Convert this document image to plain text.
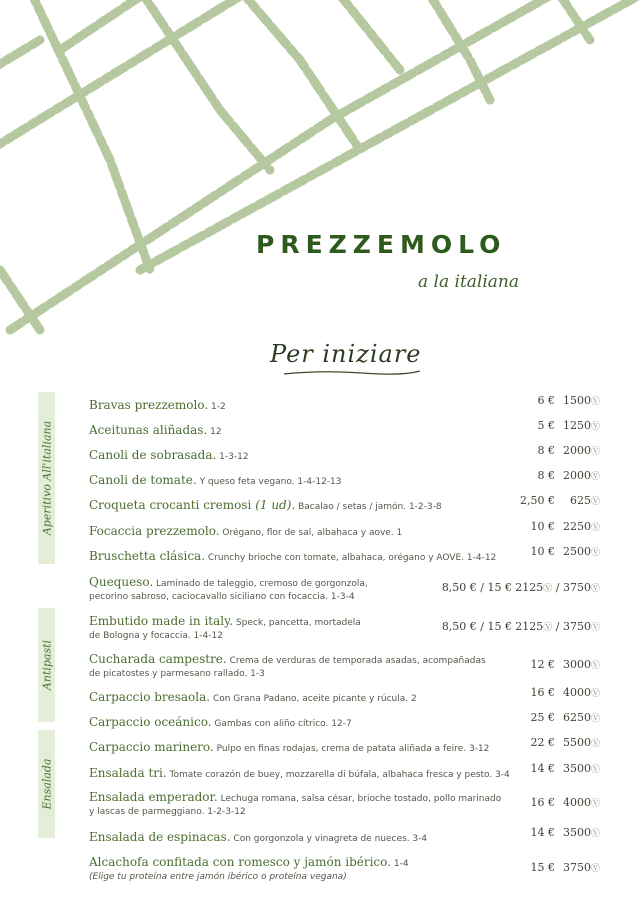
PREZZEMOLO
a la italiana
Per iniziare
Aperitivo All'italiana
Antipasti
Ensalada
Bravas prezzemolo. 1-2	6 € 1500Ⓥ
Aceitunas aliñadas. 12	5 € 1250Ⓥ
Canoli de sobrasada. 1-3-12	8 € 2000Ⓥ
Canoli de tomate. Y queso feta vegano. 1-4-12-13	8 € 2000Ⓥ
Croqueta crocanti cremosi (1 ud). Bacalao / setas / jamón. 1-2-3-8	2,50 € 625Ⓥ
Focaccia prezzemolo. Orégano, flor de sal, albahaca y aove. 1	10 € 2250Ⓥ
Bruschetta clásica. Crunchy brioche con tomate, albahaca, orégano y AOVE. 1-4-12	10 € 2500Ⓥ
Quequeso. Laminado de taleggio, cremoso de gorgonzola,
pecorino sabroso, caciocavallo siciliano con focaccia. 1-3-4
8,50 € / 15 € 2125Ⓥ / 3750Ⓥ
Embutido made in italy. Speck, pancetta, mortadela
de Bologna y focaccia. 1-4-12
8,50 € / 15 € 2125Ⓥ / 3750Ⓥ
Cucharada campestre. Crema de verduras de temporada asadas, acompañadas
de picatostes y parmesano rallado. 1-3
12 € 3000Ⓥ
Carpaccio bresaola. Con Grana Padano, aceite picante y rúcula. 2	16 € 4000Ⓥ
Carpaccio oceánico. Gambas con aliño cítrico. 12-7	25 € 6250Ⓥ
Carpaccio marinero. Pulpo en finas rodajas, crema de patata aliñada a feire. 3-12	22 € 5500Ⓥ
Ensalada tri. Tomate corazón de buey, mozzarella di búfala, albahaca fresca y pesto. 3-4	14 € 3500Ⓥ
Ensalada emperador. Lechuga romana, salsa césar, brioche tostado, pollo marinado
y lascas de parmeggiano. 1-2-3-12
16 € 4000Ⓥ
Ensalada de espinacas. Con gorgonzola y vinagreta de nueces. 3-4	14 € 3500Ⓥ
Alcachofa confitada con romesco y jamón ibérico. 1-4
(Elige tu proteína entre jamón ibérico o proteína vegana)
15 € 3750Ⓥ
